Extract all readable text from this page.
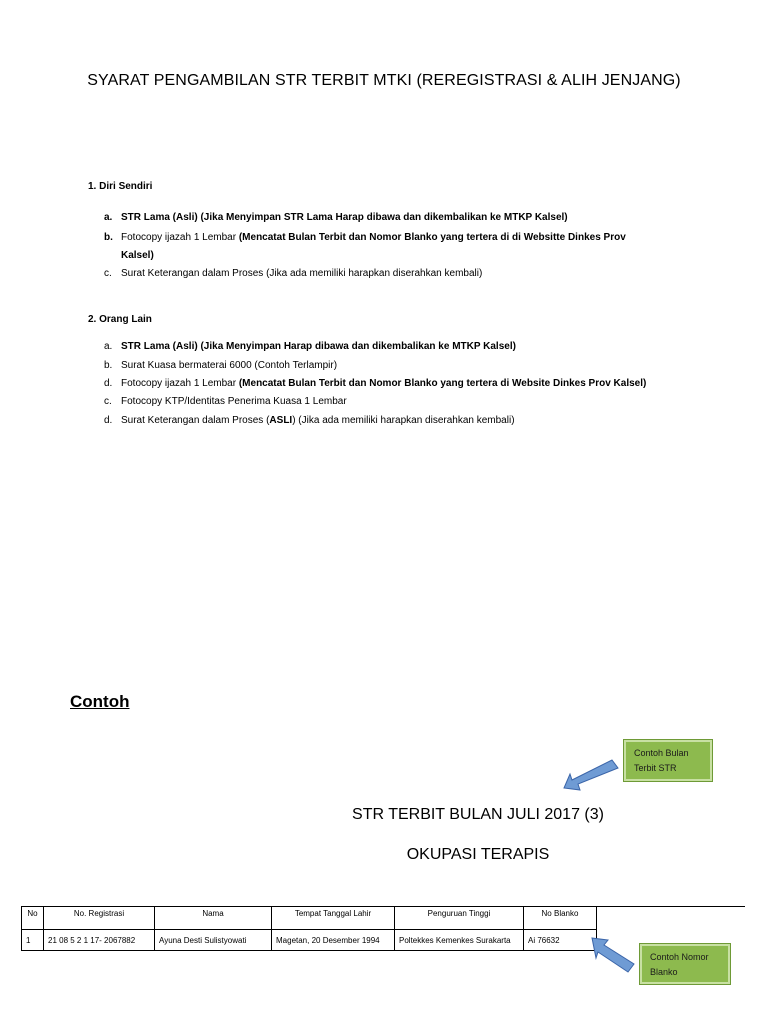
SYARAT PENGAMBILAN STR TERBIT MTKI (REREGISTRASI & ALIH JENJANG)
1. Diri Sendiri
a. STR Lama (Asli) (Jika Menyimpan STR Lama Harap dibawa dan dikembalikan ke MTKP Kalsel)
b. Fotocopy ijazah 1 Lembar (Mencatat Bulan Terbit dan Nomor Blanko yang tertera di di Websitte Dinkes Prov
Kalsel)
c. Surat Keterangan dalam Proses (Jika ada memiliki harapkan diserahkan kembali)
2. Orang Lain
a. STR Lama (Asli) (Jika Menyimpan Harap dibawa dan dikembalikan ke MTKP Kalsel)
b. Surat Kuasa bermaterai 6000 (Contoh Terlampir)
d. Fotocopy ijazah 1 Lembar (Mencatat Bulan Terbit dan Nomor Blanko yang tertera di Website Dinkes Prov Kalsel)
c. Fotocopy KTP/Identitas Penerima Kuasa 1 Lembar
d. Surat Keterangan dalam Proses (ASLI) (Jika ada memiliki harapkan diserahkan kembali)
Contoh
Contoh Bulan
Terbit STR
STR TERBIT BULAN JULI 2017 (3)
OKUPASI TERAPIS
No	No. Registrasi	Nama	Tempat Tanggal Lahir	Penguruan Tinggi	No Blanko	
1	21 08 5 2 1 17- 2067882	Ayuna Desti Sulistyowati	Magetan, 20 Desember 1994	Poltekkes Kemenkes Surakarta	Ai 76632	
Contoh Nomor
Blanko
